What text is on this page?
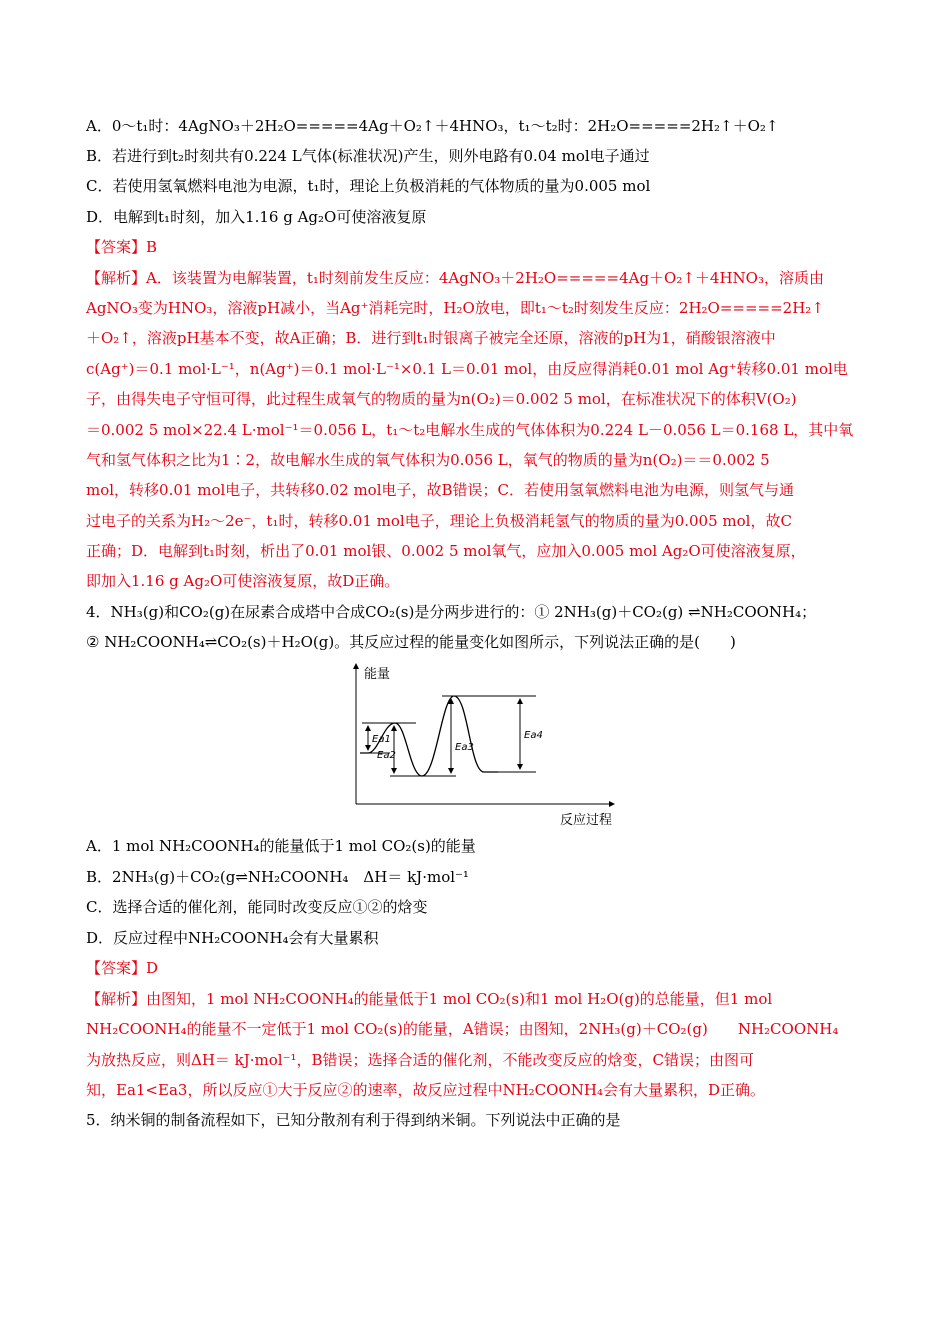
A．0～t₁时：4AgNO₃＋2H₂O=====4Ag＋O₂↑＋4HNO₃，t₁～t₂时：2H₂O=====2H₂↑＋O₂↑
B．若进行到t₂时刻共有0.224 L气体(标准状况)产生，则外电路有0.04 mol电子通过
C．若使用氢氧燃料电池为电源，t₁时，理论上负极消耗的气体物质的量为0.005 mol
D．电解到t₁时刻，加入1.16 g Ag₂O可使溶液复原
【答案】B
【解析】A．该装置为电解装置，t₁时刻前发生反应：4AgNO₃＋2H₂O=====4Ag＋O₂↑＋4HNO₃，溶质由
AgNO₃变为HNO₃，溶液pH减小，当Ag⁺消耗完时，H₂O放电，即t₁～t₂时刻发生反应：2H₂O=====2H₂↑
＋O₂↑，溶液pH基本不变，故A正确；B．进行到t₁时银离子被完全还原，溶液的pH为1，硝酸银溶液中
c(Ag⁺)＝0.1 mol·L⁻¹，n(Ag⁺)＝0.1 mol·L⁻¹×0.1 L＝0.01 mol，由反应得消耗0.01 mol Ag⁺转移0.01 mol电
子，由得失电子守恒可得，此过程生成氧气的物质的量为n(O₂)＝0.002 5 mol，在标准状况下的体积V(O₂)
＝0.002 5 mol×22.4 L·mol⁻¹＝0.056 L，t₁～t₂电解水生成的气体体积为0.224 L－0.056 L＝0.168 L，其中氧
气和氢气体积之比为1∶2，故电解水生成的氧气体积为0.056 L，氧气的物质的量为n(O₂)＝＝0.002 5
mol，转移0.01 mol电子，共转移0.02 mol电子，故B错误；C．若使用氢氧燃料电池为电源，则氢气与通
过电子的关系为H₂～2e⁻，t₁时，转移0.01 mol电子，理论上负极消耗氢气的物质的量为0.005 mol，故C
正确；D．电解到t₁时刻，析出了0.01 mol银、0.002 5 mol氧气，应加入0.005 mol Ag₂O可使溶液复原，
即加入1.16 g Ag₂O可使溶液复原，故D正确。
4．NH₃(g)和CO₂(g)在尿素合成塔中合成CO₂(s)是分两步进行的：① 2NH₃(g)＋CO₂(g) ⇌NH₂COONH₄；
② NH₂COONH₄⇌CO₂(s)＋H₂O(g)。其反应过程的能量变化如图所示，下列说法正确的是(　　)
能量
反应过程
Ea1
Ea2
Ea3
Ea4
A．1 mol NH₂COONH₄的能量低于1 mol CO₂(s)的能量
B．2NH₃(g)＋CO₂(g⇌NH₂COONH₄　ΔH＝ kJ·mol⁻¹
C．选择合适的催化剂，能同时改变反应①②的焓变
D．反应过程中NH₂COONH₄会有大量累积
【答案】D
【解析】由图知，1 mol NH₂COONH₄的能量低于1 mol CO₂(s)和1 mol H₂O(g)的总能量，但1 mol
NH₂COONH₄的能量不一定低于1 mol CO₂(s)的能量，A错误；由图知，2NH₃(g)＋CO₂(g)　　NH₂COONH₄
为放热反应，则ΔH＝ kJ·mol⁻¹，B错误；选择合适的催化剂，不能改变反应的焓变，C错误；由图可
知，Ea1<Ea3，所以反应①大于反应②的速率，故反应过程中NH₂COONH₄会有大量累积，D正确。
5．纳米铜的制备流程如下，已知分散剂有利于得到纳米铜。下列说法中正确的是
